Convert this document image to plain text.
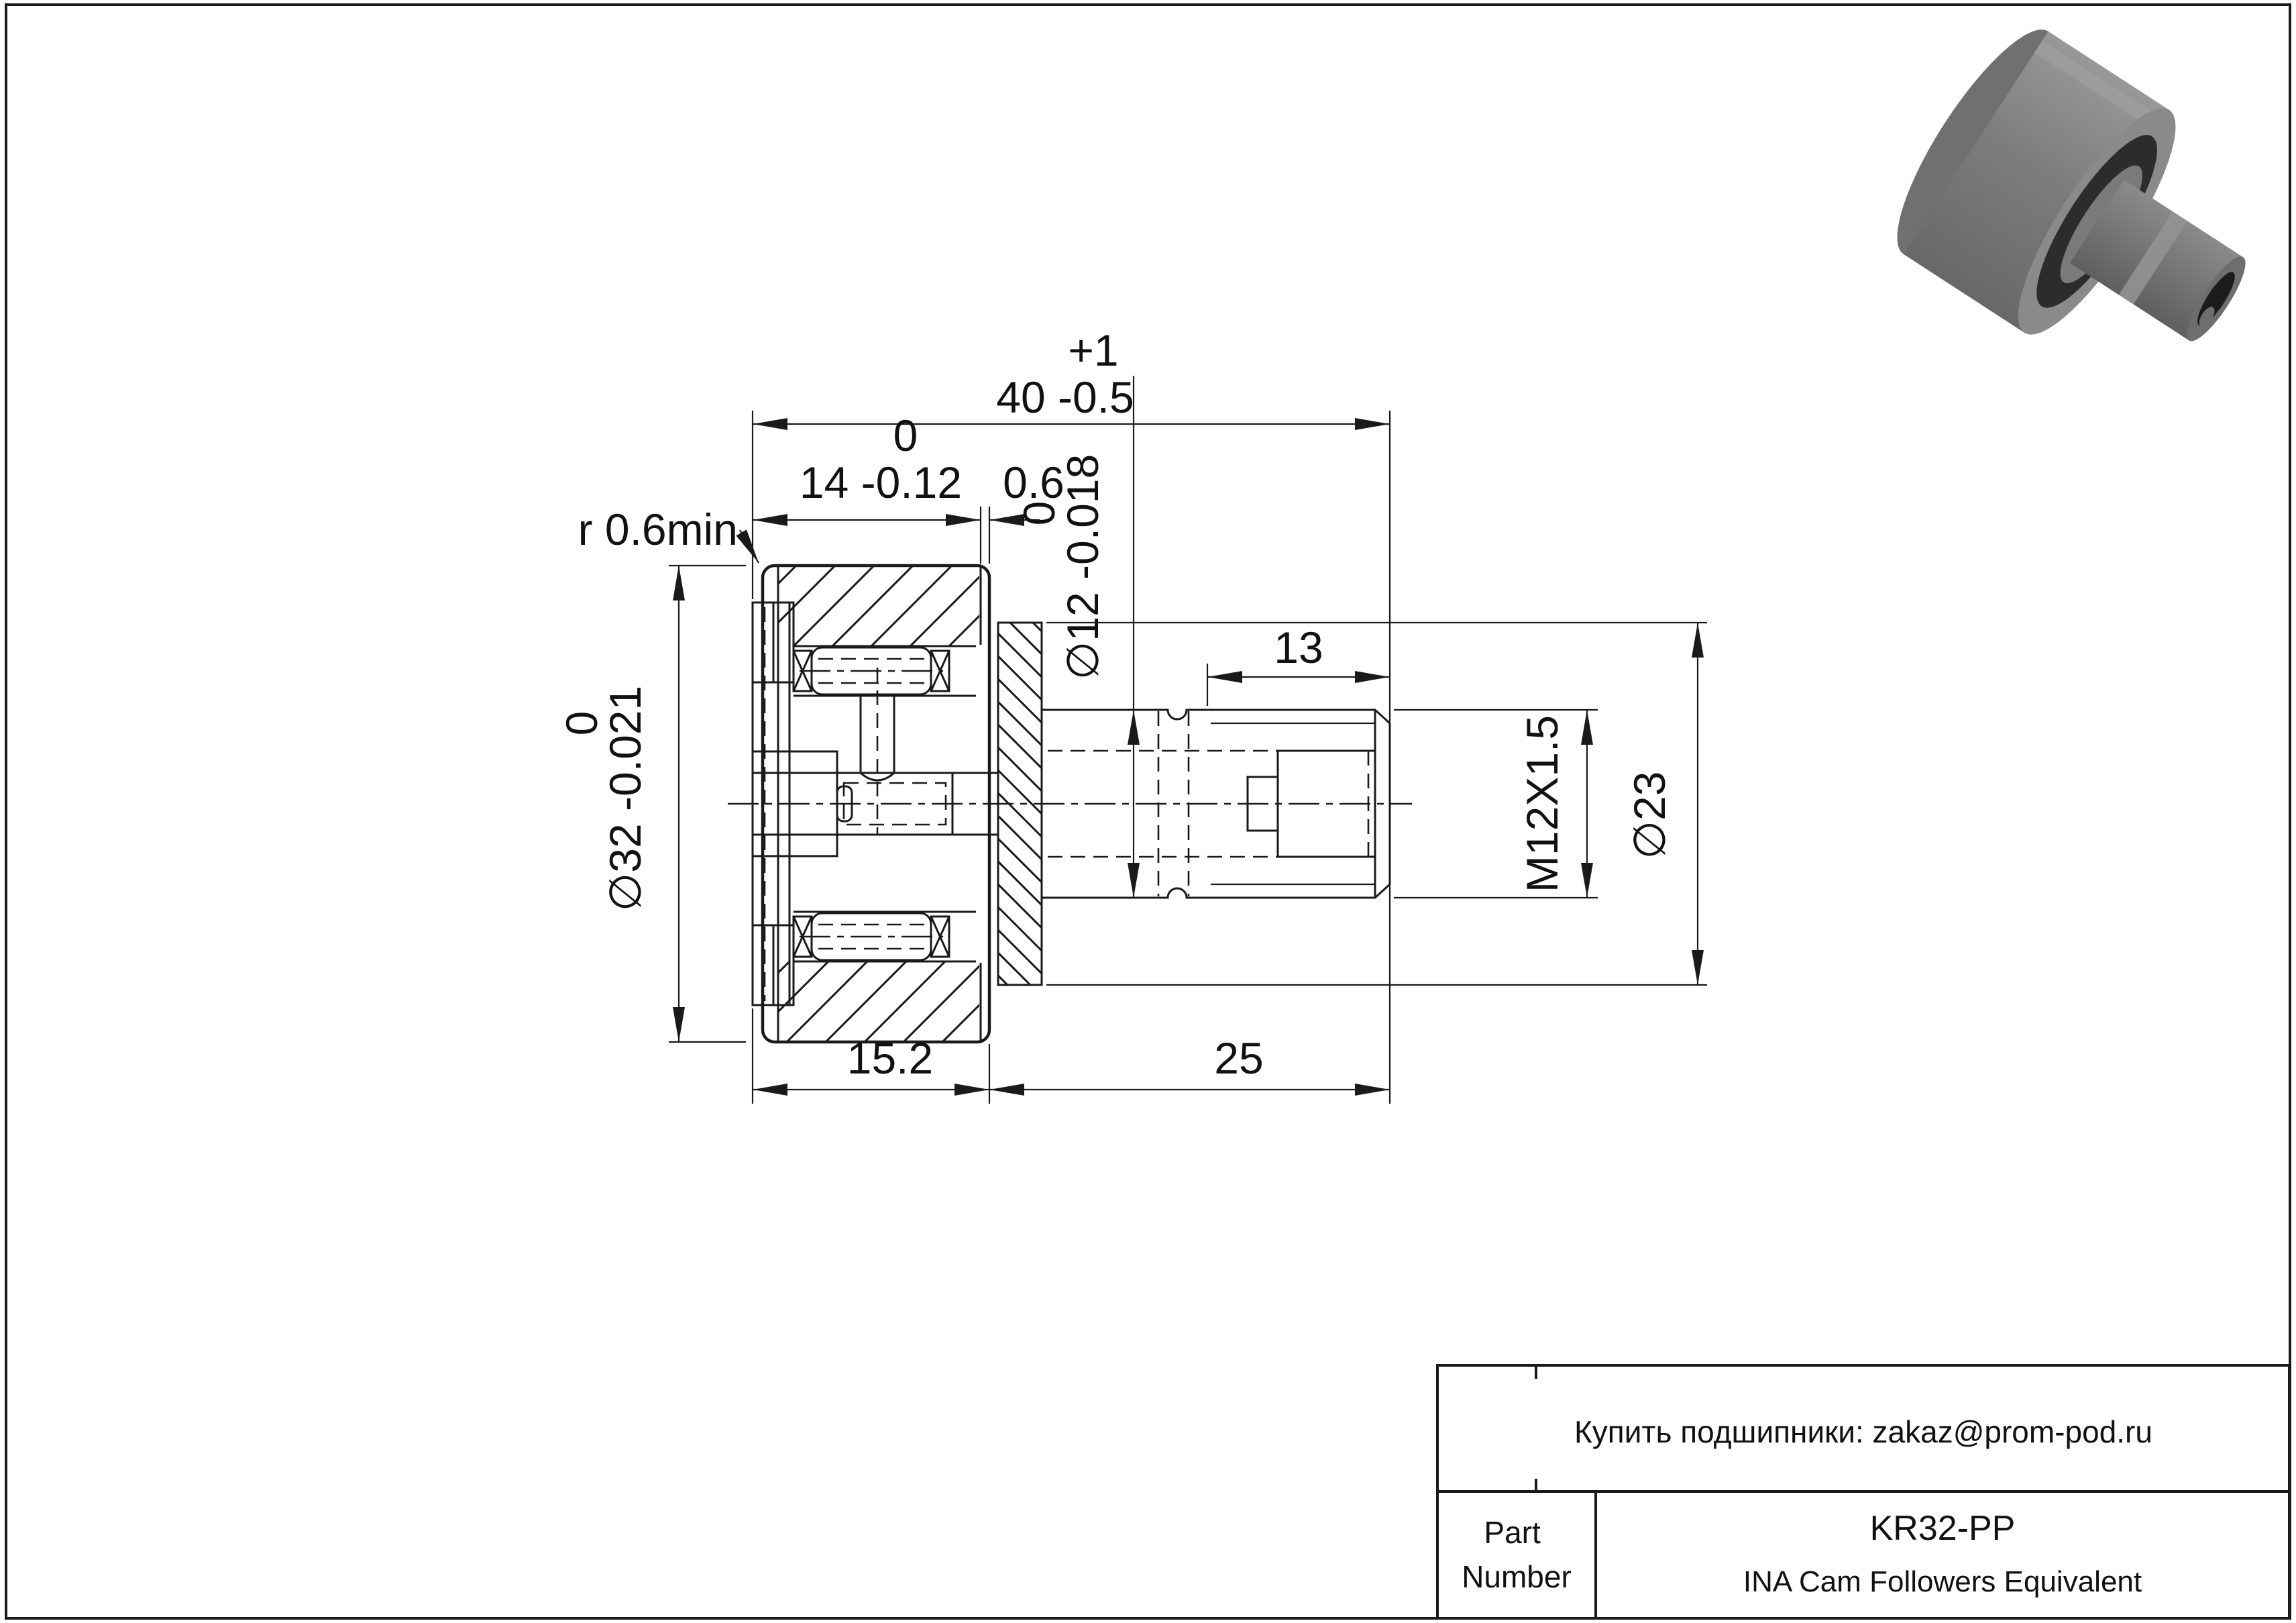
+1
40 -0.5
0
14 -0.12 0.6
r 0.6min
13
15.2	25
∅32 -0.021
0
∅12 -0.018
0
M12X1.5 ∅23
Купить подшипники: zakaz@prom-pod.ru
Part Number
KR32-PP
INA Cam Followers Equivalent
